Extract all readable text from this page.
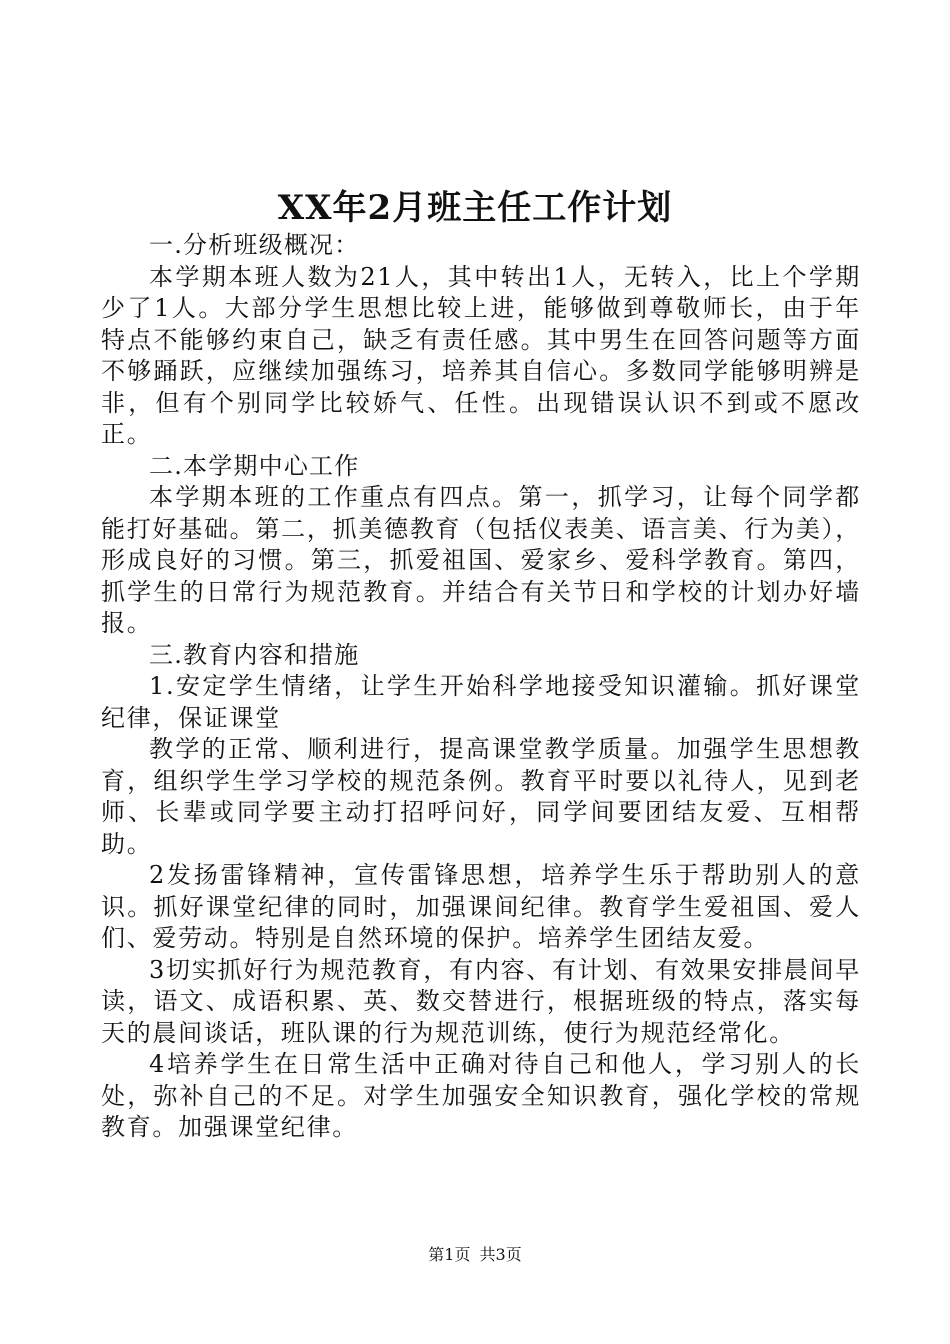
XX年2月班主任工作计划

一.分析班级概况：

本学期本班人数为21人，其中转出1人，无转入，比上个学期少了1人。大部分学生思想比较上进，能够做到尊敬师长，由于年特点不能够约束自己，缺乏有责任感。其中男生在回答问题等方面不够踊跃，应继续加强练习，培养其自信心。多数同学能够明辨是非，但有个别同学比较娇气、任性。出现错误认识不到或不愿改正。

二.本学期中心工作

本学期本班的工作重点有四点。第一，抓学习，让每个同学都能打好基础。第二，抓美德教育（包括仪表美、语言美、行为美），形成良好的习惯。第三，抓爱祖国、爱家乡、爱科学教育。第四，抓学生的日常行为规范教育。并结合有关节日和学校的计划办好墙报。

三.教育内容和措施

1.安定学生情绪，让学生开始科学地接受知识灌输。抓好课堂纪律，保证课堂

教学的正常、顺利进行，提高课堂教学质量。加强学生思想教育，组织学生学习学校的规范条例。教育平时要以礼待人，见到老师、长辈或同学要主动打招呼问好，同学间要团结友爱、互相帮助。

2发扬雷锋精神，宣传雷锋思想，培养学生乐于帮助别人的意识。抓好课堂纪律的同时，加强课间纪律。教育学生爱祖国、爱人们、爱劳动。特别是自然环境的保护。培养学生团结友爱。

3切实抓好行为规范教育，有内容、有计划、有效果安排晨间早读，语文、成语积累、英、数交替进行，根据班级的特点，落实每天的晨间谈话，班队课的行为规范训练，使行为规范经常化。

4培养学生在日常生活中正确对待自己和他人，学习别人的长处，弥补自己的不足。对学生加强安全知识教育，强化学校的常规教育。加强课堂纪律。

第1页 共3页
